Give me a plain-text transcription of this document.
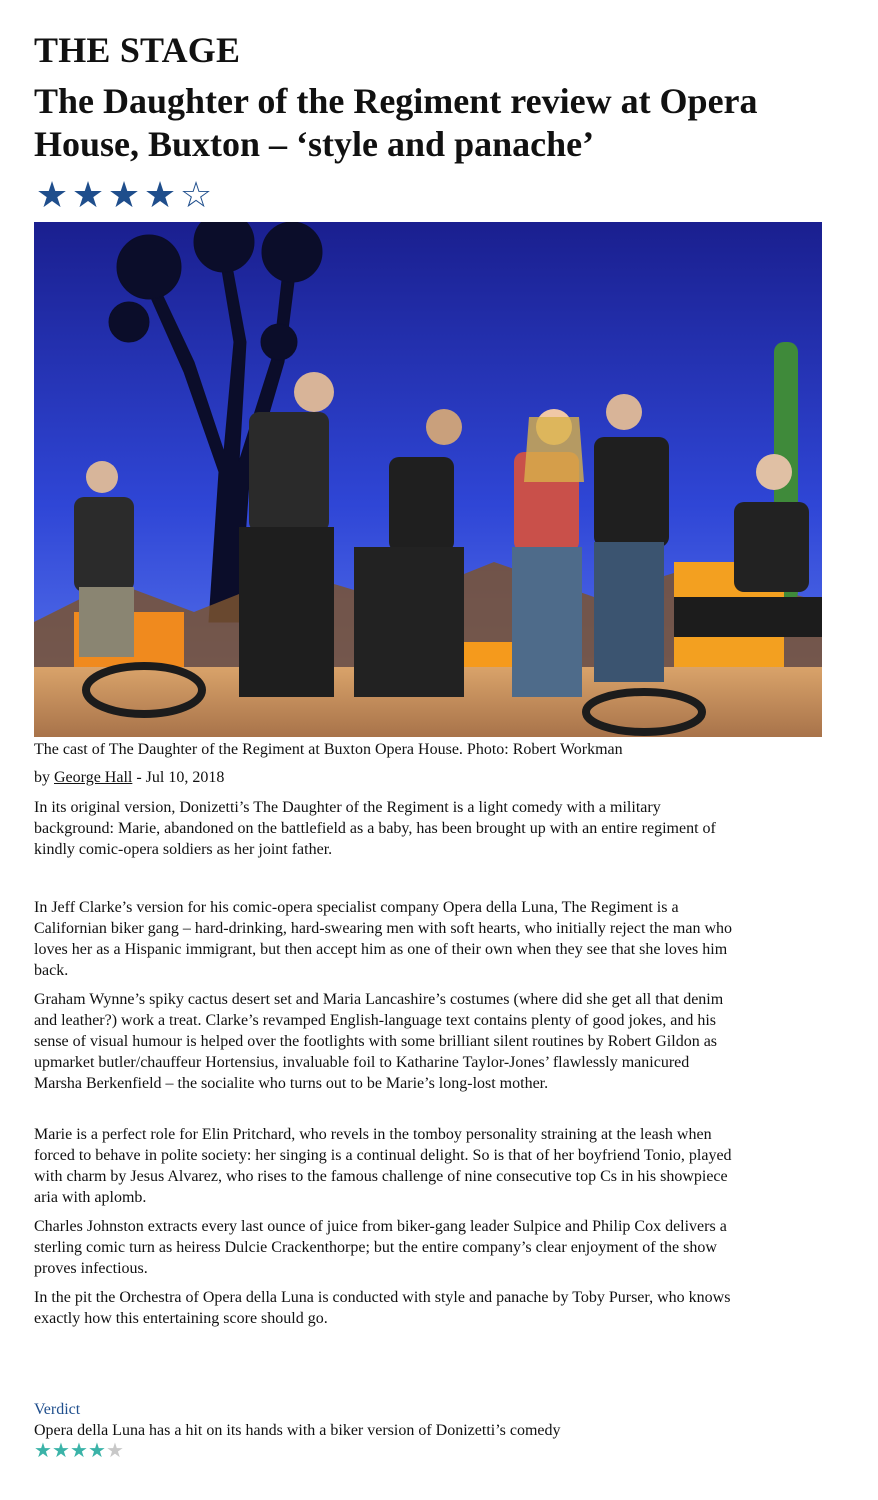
THE STAGE
The Daughter of the Regiment review at Opera House, Buxton – ‘style and panache’
★ ★ ★ ★ ☆
The cast of The Daughter of the Regiment at Buxton Opera House. Photo: Robert Workman
by George Hall - Jul 10, 2018

In its original version, Donizetti’s The Daughter of the Regiment is a light comedy with a military background: Marie, abandoned on the battlefield as a baby, has been brought up with an entire regiment of kindly comic-opera soldiers as her joint father.

In Jeff Clarke’s version for his comic-opera specialist company Opera della Luna, The Regiment is a Californian biker gang – hard-drinking, hard-swearing men with soft hearts, who initially reject the man who loves her as a Hispanic immigrant, but then accept him as one of their own when they see that she loves him back.

Graham Wynne’s spiky cactus desert set and Maria Lancashire’s costumes (where did she get all that denim and leather?) work a treat. Clarke’s revamped English-language text contains plenty of good jokes, and his sense of visual humour is helped over the footlights with some brilliant silent routines by Robert Gildon as upmarket butler/chauffeur Hortensius, invaluable foil to Katharine Taylor-Jones’ flawlessly manicured Marsha Berkenfield – the socialite who turns out to be Marie’s long-lost mother.

Marie is a perfect role for Elin Pritchard, who revels in the tomboy personality straining at the leash when forced to behave in polite society: her singing is a continual delight. So is that of her boyfriend Tonio, played with charm by Jesus Alvarez, who rises to the famous challenge of nine consecutive top Cs in his showpiece aria with aplomb.

Charles Johnston extracts every last ounce of juice from biker-gang leader Sulpice and Philip Cox delivers a sterling comic turn as heiress Dulcie Crackenthorpe; but the entire company’s clear enjoyment of the show proves infectious.

In the pit the Orchestra of Opera della Luna is conducted with style and panache by Toby Purser, who knows exactly how this entertaining score should go.

Verdict
Opera della Luna has a hit on its hands with a biker version of Donizetti’s comedy
★ ★ ★ ★ ★
